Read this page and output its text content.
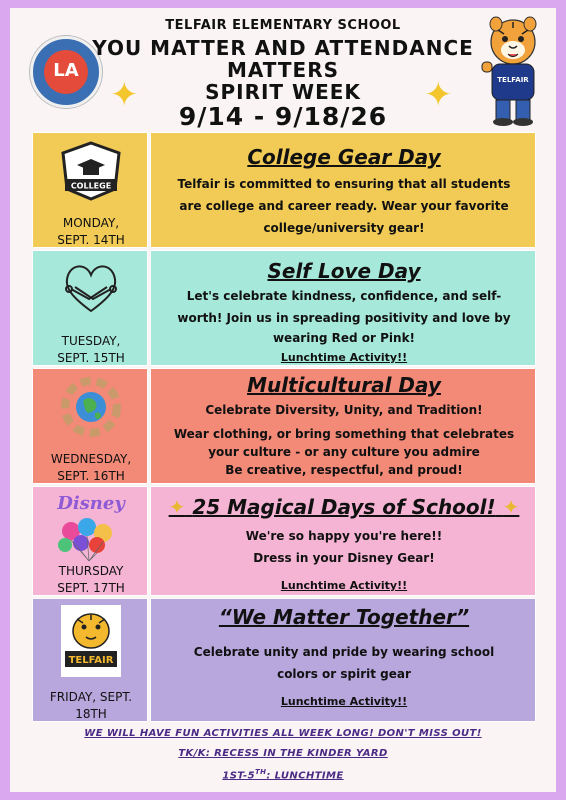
LA
TELFAIR ELEMENTARY SCHOOL
YOU MATTER AND ATTENDANCE
MATTERS
SPIRIT WEEK
9/14 - 9/18/26
✦	✦	TELFAIR
COLLEGE
MONDAY,
SEPT. 14TH
College Gear Day
Telfair is committed to ensuring that all students
are college and career ready. Wear your favorite
college/university gear!
TUESDAY,
SEPT. 15TH
Self Love Day
Let's celebrate kindness, confidence, and self-
worth! Join us in spreading positivity and love by
wearing Red or Pink!
Lunchtime Activity!!
WEDNESDAY,
SEPT. 16TH
Multicultural Day
Celebrate Diversity, Unity, and Tradition!
Wear clothing, or bring something that celebrates
your culture - or any culture you admire
Be creative, respectful, and proud!
Disney
THURSDAY
SEPT. 17TH
✦ 25 Magical Days of School! ✦
We're so happy you're here!!
Dress in your Disney Gear!
Lunchtime Activity!!
TELFAIR
FRIDAY, SEPT.
18TH
“We Matter Together”
Celebrate unity and pride by wearing school
colors or spirit gear
Lunchtime Activity!!
WE WILL HAVE FUN ACTIVITIES ALL WEEK LONG! DON'T MISS OUT!
TK/K: RECESS IN THE KINDER YARD
1ST-5TH: LUNCHTIME
